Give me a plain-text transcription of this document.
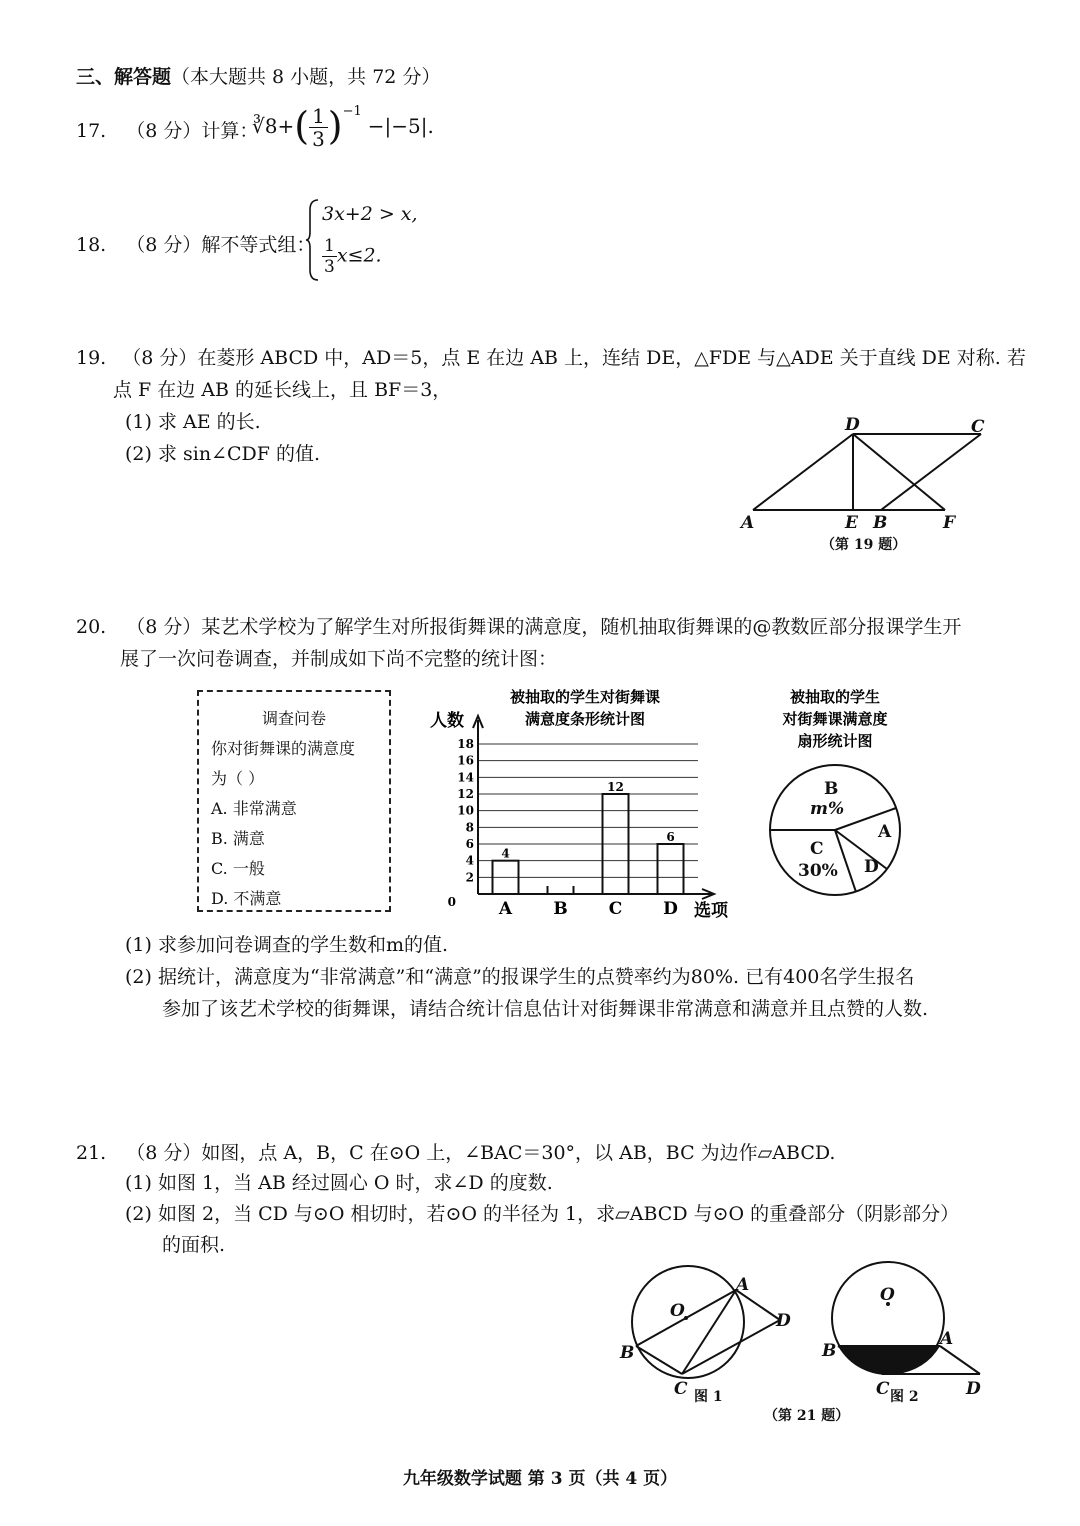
三、解答题（本大题共 8 小题，共 72 分）
17. （8 分）计算：
∛8+( $\frac{1}{3} )^{-1}-|-5|$.
18. （8 分）解不等式组：
3x+2 > x,
$\frac{1}{3} x\le 2$.
19. （8 分）在菱形 ABCD 中，AD＝5，点 E 在边 AB 上，连结 DE，△FDE 与△ADE 关于直线 DE 对称. 若
点 F 在边 AB 的延长线上，且 BF＝3，
(1) 求 AE 的长.
(2) 求 sin∠CDF 的值.
D	C
A	E B	F
（第 19 题）
20. （8 分）某艺术学校为了解学生对所报街舞课的满意度，随机抽取街舞课的@教数匠部分报课学生开
展了一次问卷调查，并制成如下尚不完整的统计图：
调查问卷
你对街舞课的满意度
为（ ）
A. 非常满意
B. 满意
C. 一般
D. 不满意
被抽取的学生对街舞课
满意度条形统计图
人数
选项
0
2
4
6
8
10
12
14
16
18
4
A B
12
C
6
D
被抽取的学生
对街舞课满意度
扇形统计图
B
m%
A
D
C
30%
(1) 求参加问卷调查的学生数和m的值.
(2) 据统计，满意度为“非常满意”和“满意”的报课学生的点赞率约为80%. 已有400名学生报名
参加了该艺术学校的街舞课，请结合统计信息估计对街舞课非常满意和满意并且点赞的人数.
21. （8 分）如图，点 A，B，C 在⊙O 上，∠BAC＝30°，以 AB，BC 为边作▱ABCD.
(1) 如图 1，当 AB 经过圆心 O 时，求∠D 的度数.
(2) 如图 2，当 CD 与⊙O 相切时，若⊙O 的半径为 1，求▱ABCD 与⊙O 的重叠部分（阴影部分）
的面积.
O
A
B
C
D
图 1
O
A
B
C	D
图 2
（第 21 题）
九年级数学试题 第 3 页（共 4 页）
